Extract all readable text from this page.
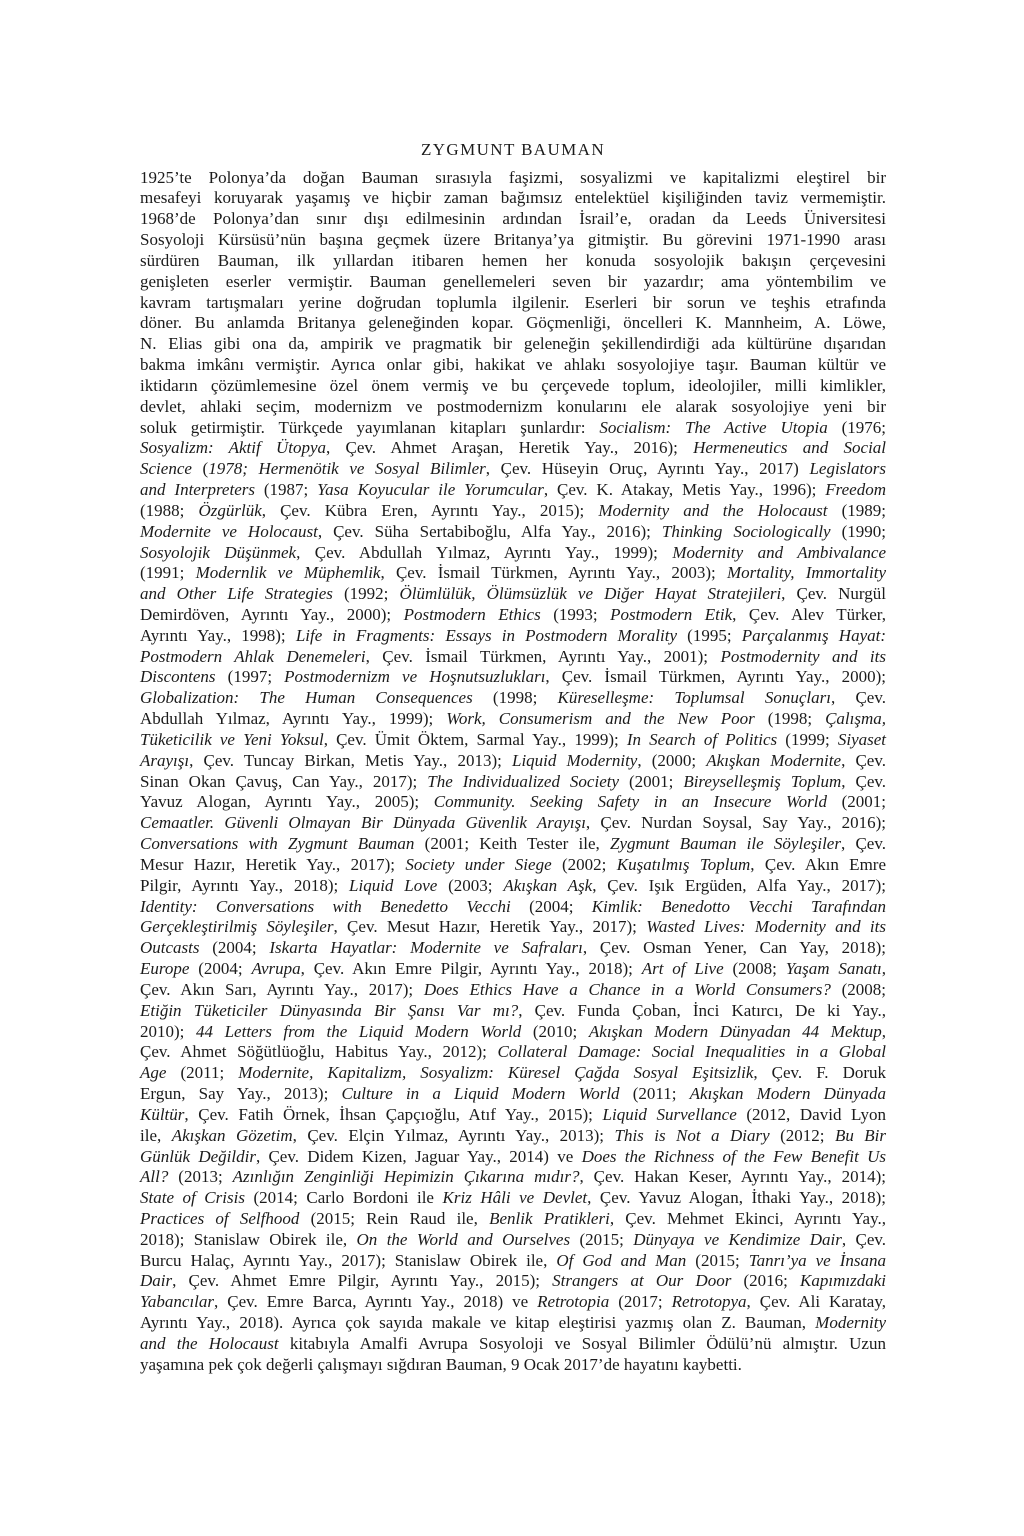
ZYGMUNT BAUMAN
1925’te Polonya’da doğan Bauman sırasıyla faşizmi, sosyalizmi ve kapitalizmi eleştirel bir
mesafeyi koruyarak yaşamış ve hiçbir zaman bağımsız entelektüel kişiliğinden taviz vermemiştir.
1968’de Polonya’dan sınır dışı edilmesinin ardından İsrail’e, oradan da Leeds Üniversitesi
Sosyoloji Kürsüsü’nün başına geçmek üzere Britanya’ya gitmiştir. Bu görevini 1971-1990 arası
sürdüren Bauman, ilk yıllardan itibaren hemen her konuda sosyolojik bakışın çerçevesini
genişleten eserler vermiştir. Bauman genellemeleri seven bir yazardır; ama yöntembilim ve
kavram tartışmaları yerine doğrudan toplumla ilgilenir. Eserleri bir sorun ve teşhis etrafında
döner. Bu anlamda Britanya geleneğinden kopar. Göçmenliği, öncelleri K. Mannheim, A. Löwe,
N. Elias gibi ona da, ampirik ve pragmatik bir geleneğin şekillendirdiği ada kültürüne dışarıdan
bakma imkânı vermiştir. Ayrıca onlar gibi, hakikat ve ahlakı sosyolojiye taşır. Bauman kültür ve
iktidarın çözümlemesine özel önem vermiş ve bu çerçevede toplum, ideolojiler, milli kimlikler,
devlet, ahlaki seçim, modernizm ve postmodernizm konularını ele alarak sosyolojiye yeni bir
soluk getirmiştir. Türkçede yayımlanan kitapları şunlardır: Socialism: The Active Utopia (1976;
Sosyalizm: Aktif Ütopya, Çev. Ahmet Araşan, Heretik Yay., 2016); Hermeneutics and Social
Science (1978; Hermenötik ve Sosyal Bilimler, Çev. Hüseyin Oruç, Ayrıntı Yay., 2017) Legislators
and Interpreters (1987; Yasa Koyucular ile Yorumcular, Çev. K. Atakay, Metis Yay., 1996); Freedom
(1988; Özgürlük, Çev. Kübra Eren, Ayrıntı Yay., 2015); Modernity and the Holocaust (1989;
Modernite ve Holocaust, Çev. Süha Sertabiboğlu, Alfa Yay., 2016); Thinking Sociologically (1990;
Sosyolojik Düşünmek, Çev. Abdullah Yılmaz, Ayrıntı Yay., 1999); Modernity and Ambivalance
(1991; Modernlik ve Müphemlik, Çev. İsmail Türkmen, Ayrıntı Yay., 2003); Mortality, Immortality
and Other Life Strategies (1992; Ölümlülük, Ölümsüzlük ve Diğer Hayat Stratejileri, Çev. Nurgül
Demirdöven, Ayrıntı Yay., 2000); Postmodern Ethics (1993; Postmodern Etik, Çev. Alev Türker,
Ayrıntı Yay., 1998); Life in Fragments: Essays in Postmodern Morality (1995; Parçalanmış Hayat:
Postmodern Ahlak Denemeleri, Çev. İsmail Türkmen, Ayrıntı Yay., 2001); Postmodernity and its
Discontens (1997; Postmodernizm ve Hoşnutsuzlukları, Çev. İsmail Türkmen, Ayrıntı Yay., 2000);
Globalization: The Human Consequences (1998; Küreselleşme: Toplumsal Sonuçları, Çev.
Abdullah Yılmaz, Ayrıntı Yay., 1999); Work, Consumerism and the New Poor (1998; Çalışma,
Tüketicilik ve Yeni Yoksul, Çev. Ümit Öktem, Sarmal Yay., 1999); In Search of Politics (1999; Siyaset
Arayışı, Çev. Tuncay Birkan, Metis Yay., 2013); Liquid Modernity, (2000; Akışkan Modernite, Çev.
Sinan Okan Çavuş, Can Yay., 2017); The Individualized Society (2001; Bireyselleşmiş Toplum, Çev.
Yavuz Alogan, Ayrıntı Yay., 2005); Community. Seeking Safety in an Insecure World (2001;
Cemaatler. Güvenli Olmayan Bir Dünyada Güvenlik Arayışı, Çev. Nurdan Soysal, Say Yay., 2016);
Conversations with Zygmunt Bauman (2001; Keith Tester ile, Zygmunt Bauman ile Söyleşiler, Çev.
Mesur Hazır, Heretik Yay., 2017); Society under Siege (2002; Kuşatılmış Toplum, Çev. Akın Emre
Pilgir, Ayrıntı Yay., 2018); Liquid Love (2003; Akışkan Aşk, Çev. Işık Ergüden, Alfa Yay., 2017);
Identity: Conversations with Benedetto Vecchi (2004; Kimlik: Benedotto Vecchi Tarafından
Gerçekleştirilmiş Söyleşiler, Çev. Mesut Hazır, Heretik Yay., 2017); Wasted Lives: Modernity and its
Outcasts (2004; Iskarta Hayatlar: Modernite ve Safraları, Çev. Osman Yener, Can Yay, 2018);
Europe (2004; Avrupa, Çev. Akın Emre Pilgir, Ayrıntı Yay., 2018); Art of Live (2008; Yaşam Sanatı,
Çev. Akın Sarı, Ayrıntı Yay., 2017); Does Ethics Have a Chance in a World Consumers? (2008;
Etiğin Tüketiciler Dünyasında Bir Şansı Var mı?, Çev. Funda Çoban, İnci Katırcı, De ki Yay.,
2010); 44 Letters from the Liquid Modern World (2010; Akışkan Modern Dünyadan 44 Mektup,
Çev. Ahmet Söğütlüoğlu, Habitus Yay., 2012); Collateral Damage: Social Inequalities in a Global
Age (2011; Modernite, Kapitalizm, Sosyalizm: Küresel Çağda Sosyal Eşitsizlik, Çev. F. Doruk
Ergun, Say Yay., 2013); Culture in a Liquid Modern World (2011; Akışkan Modern Dünyada
Kültür, Çev. Fatih Örnek, İhsan Çapçıoğlu, Atıf Yay., 2015); Liquid Survellance (2012, David Lyon
ile, Akışkan Gözetim, Çev. Elçin Yılmaz, Ayrıntı Yay., 2013); This is Not a Diary (2012; Bu Bir
Günlük Değildir, Çev. Didem Kizen, Jaguar Yay., 2014) ve Does the Richness of the Few Benefit Us
All? (2013; Azınlığın Zenginliği Hepimizin Çıkarına mıdır?, Çev. Hakan Keser, Ayrıntı Yay., 2014);
State of Crisis (2014; Carlo Bordoni ile Kriz Hâli ve Devlet, Çev. Yavuz Alogan, İthaki Yay., 2018);
Practices of Selfhood (2015; Rein Raud ile, Benlik Pratikleri, Çev. Mehmet Ekinci, Ayrıntı Yay.,
2018); Stanislaw Obirek ile, On the World and Ourselves (2015; Dünyaya ve Kendimize Dair, Çev.
Burcu Halaç, Ayrıntı Yay., 2017); Stanislaw Obirek ile, Of God and Man (2015; Tanrı’ya ve İnsana
Dair, Çev. Ahmet Emre Pilgir, Ayrıntı Yay., 2015); Strangers at Our Door (2016; Kapımızdaki
Yabancılar, Çev. Emre Barca, Ayrıntı Yay., 2018) ve Retrotopia (2017; Retrotopya, Çev. Ali Karatay,
Ayrıntı Yay., 2018). Ayrıca çok sayıda makale ve kitap eleştirisi yazmış olan Z. Bauman, Modernity
and the Holocaust kitabıyla Amalfi Avrupa Sosyoloji ve Sosyal Bilimler Ödülü’nü almıştır. Uzun
yaşamına pek çok değerli çalışmayı sığdıran Bauman, 9 Ocak 2017’de hayatını kaybetti.
